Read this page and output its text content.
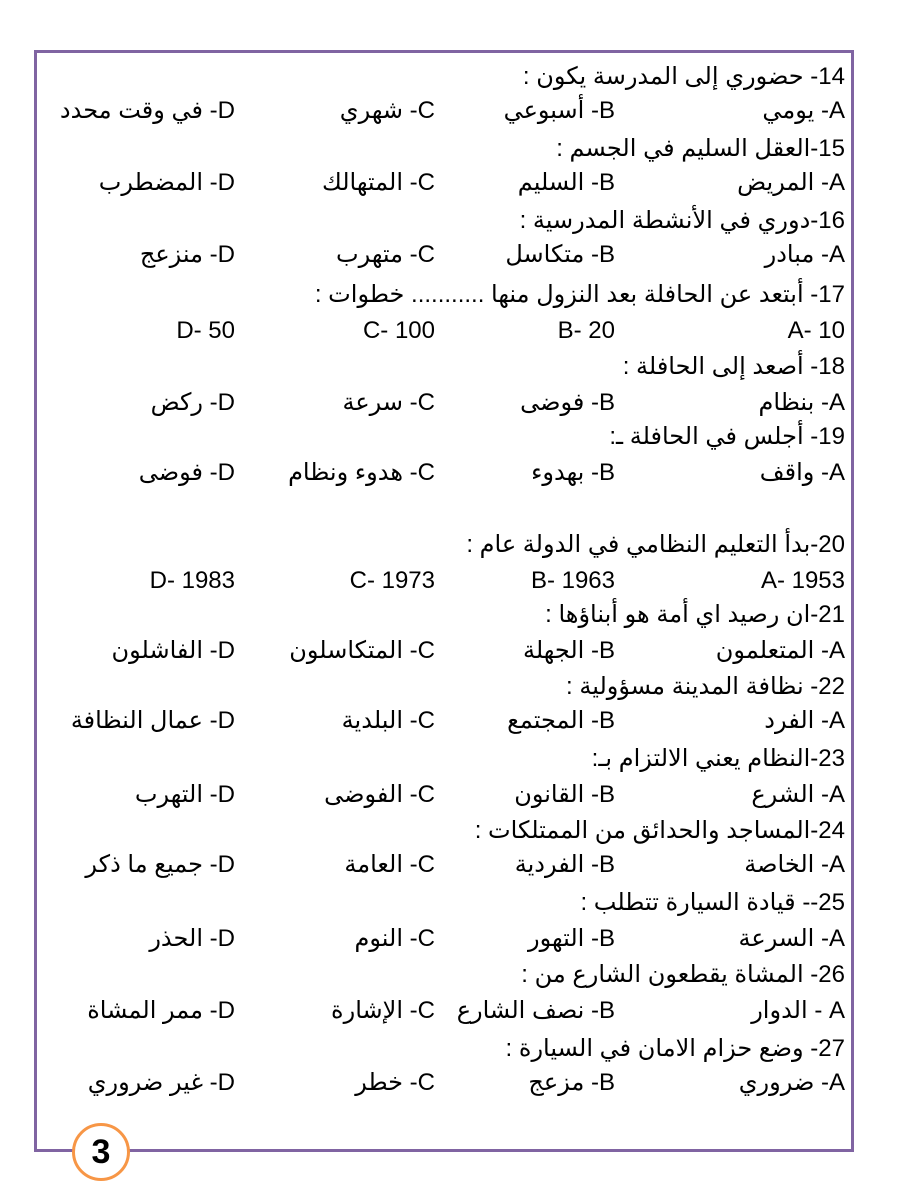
14- حضوري إلى المدرسة يكون :
A- يومي
B- أسبوعي
C- شهري
D- في وقت محدد
15-العقل السليم في الجسم :
A- المريض
B- السليم
C- المتهالك
D- المضطرب
16-دوري في الأنشطة المدرسية :
A- مبادر
B- متكاسل
C- متهرب
D- منزعج
17- أبتعد عن الحافلة بعد النزول منها ........... خطوات :
A- 10
B- 20
C- 100
D- 50
18- أصعد إلى الحافلة :
A- بنظام
B- فوضى
C- سرعة
D- ركض
19- أجلس في الحافلة ـ:
A- واقف
B- بهدوء
C- هدوء ونظام
D- فوضى
20-بدأ التعليم النظامي في الدولة عام :
A- 1953
B- 1963
C- 1973
D- 1983
21-ان رصيد اي أمة هو أبناؤها :
A- المتعلمون
B- الجهلة
C- المتكاسلون
D- الفاشلون
22- نظافة المدينة مسؤولية :
A- الفرد
B- المجتمع
C- البلدية
D- عمال النظافة
23-النظام يعني الالتزام بـ:
A- الشرع
B- القانون
C- الفوضى
D- التهرب
24-المساجد والحدائق من الممتلكات :
A- الخاصة
B- الفردية
C- العامة
D- جميع ما ذكر
25-- قيادة السيارة تتطلب :
A- السرعة
B- التهور
C- النوم
D- الحذر
26- المشاة يقطعون الشارع من :
A - الدوار
B- نصف الشارع
C- الإشارة
D- ممر المشاة
27- وضع حزام الامان في السيارة :
A- ضروري
B- مزعج
C- خطر
D- غير ضروري
3
